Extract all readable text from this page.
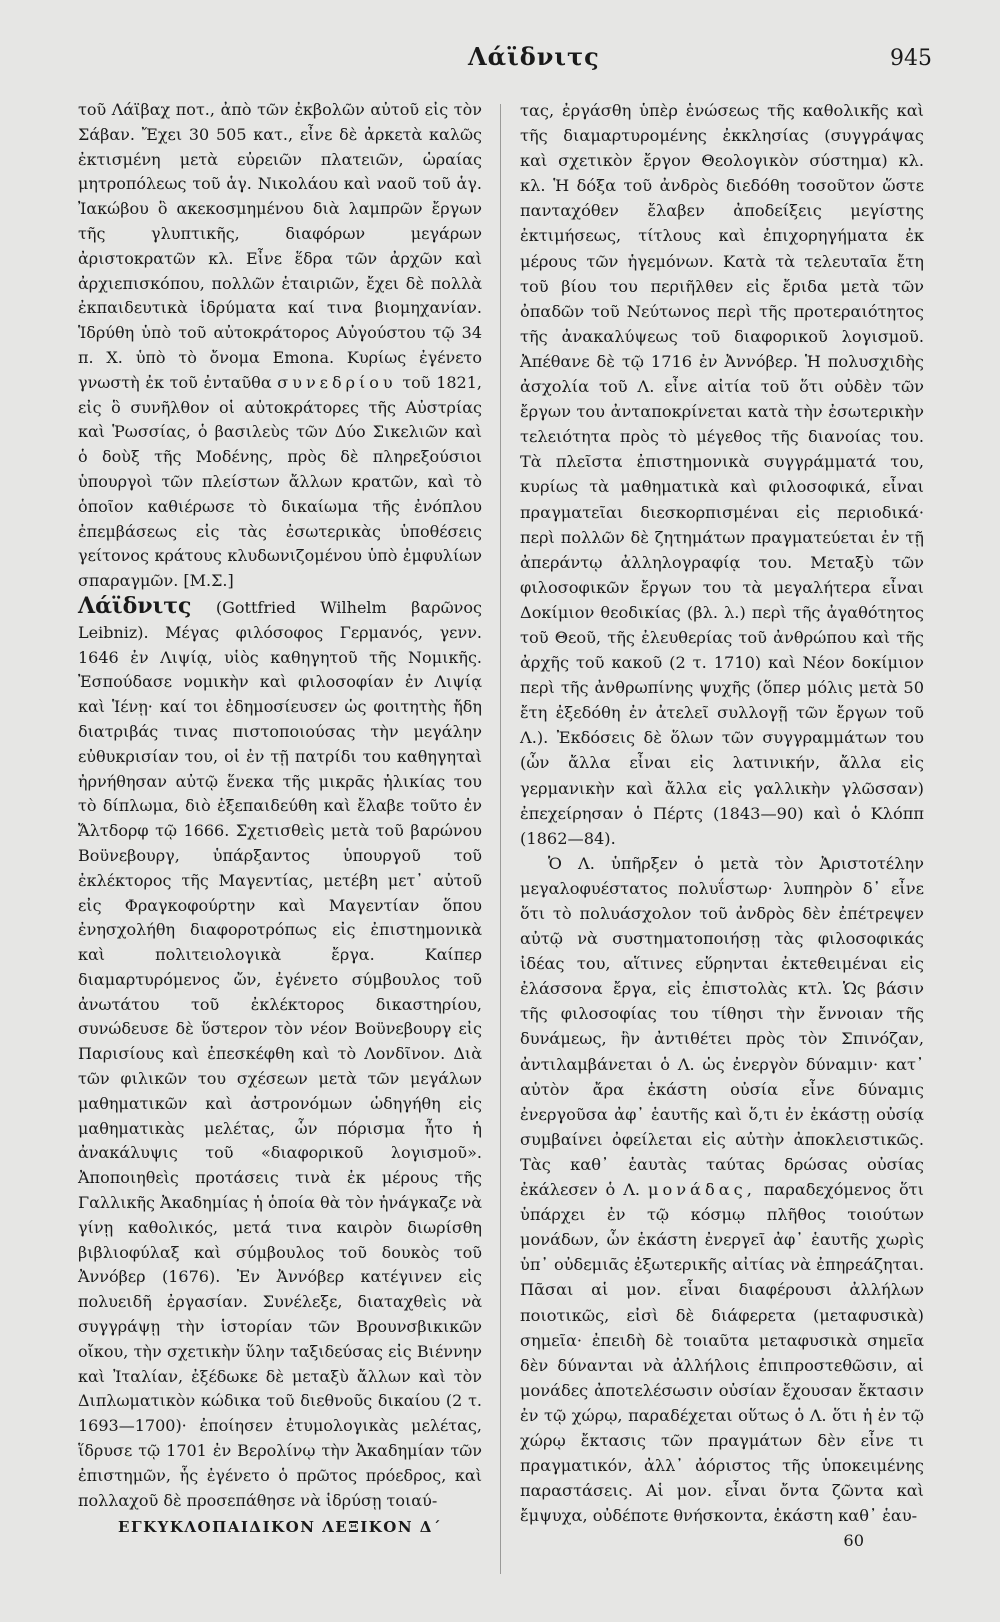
Λάϊδνιτς	945

τοῦ Λάϊβαχ ποτ., ἀπὸ τῶν ἐκβολῶν αὐτοῦ εἰς τὸν Σάβαν. Ἔχει 30 505 κατ., εἶνε δὲ ἀρκετὰ καλῶς ἐκτισμένη μετὰ εὐρειῶν πλατειῶν, ὡραίας μητροπόλεως τοῦ ἁγ. Νικολάου καὶ ναοῦ τοῦ ἁγ. Ἰακώβου ὃ ακεκοσμημένου διὰ λαμπρῶν ἔργων τῆς γλυπτικῆς, διαφόρων μεγάρων ἀριστοκρατῶν κλ. Εἶνε ἕδρα τῶν ἀρχῶν καὶ ἀρχιεπισκόπου, πολλῶν ἑταιριῶν, ἔχει δὲ πολλὰ ἐκπαιδευτικὰ ἱδρύματα καί τινα βιομηχανίαν. Ἱδρύθη ὑπὸ τοῦ αὐτοκράτορος Αὐγούστου τῷ 34 π. Χ. ὑπὸ τὸ ὄνομα Emona. Κυρίως ἐγένετο γνωστὴ ἐκ τοῦ ἐνταῦθα συνεδρίου τοῦ 1821, εἰς ὃ συνῆλθον οἱ αὐτοκράτορες τῆς Αὐστρίας καὶ Ῥωσσίας, ὁ βασιλεὺς τῶν Δύο Σικελιῶν καὶ ὁ δοὺξ τῆς Μοδένης, πρὸς δὲ πληρεξούσιοι ὑπουργοὶ τῶν πλείστων ἄλλων κρατῶν, καὶ τὸ ὁποῖον καθιέρωσε τὸ δικαίωμα τῆς ἐνόπλου ἐπεμβάσεως εἰς τὰς ἐσωτερικὰς ὑποθέσεις γείτονος κράτους κλυδωνιζομένου ὑπὸ ἐμφυλίων σπαραγμῶν. [Μ.Σ.]

Λάϊδνιτς (Gottfried Wilhelm βαρῶνος Leibniz). Μέγας φιλόσοφος Γερμανός, γενν. 1646 ἐν Λιψίᾳ, υἱὸς καθηγητοῦ τῆς Νομικῆς. Ἐσπούδασε νομικὴν καὶ φιλοσοφίαν ἐν Λιψίᾳ καὶ Ἱένῃ· καί τοι ἐδημοσίευσεν ὡς φοιτητὴς ἤδη διατριβάς τινας πιστοποιούσας τὴν μεγάλην εὐθυκρισίαν του, οἱ ἐν τῇ πατρίδι του καθηγηταὶ ἠρνήθησαν αὐτῷ ἕνεκα τῆς μικρᾶς ἡλικίας του τὸ δίπλωμα, διὸ ἐξεπαιδεύθη καὶ ἔλαβε τοῦτο ἐν Ἄλτδορφ τῷ 1666. Σχετισθεὶς μετὰ τοῦ βαρώνου Βοϋνεβουργ, ὑπάρξαντος ὑπουργοῦ τοῦ ἐκλέκτορος τῆς Μαγεντίας, μετέβη μετ᾽ αὐτοῦ εἰς Φραγκοφούρτην καὶ Μαγεντίαν ὅπου ἐνησχολήθη διαφοροτρόπως εἰς ἐπιστημονικὰ καὶ πολιτειολογικὰ ἔργα. Καίπερ διαμαρτυρόμενος ὤν, ἐγένετο σύμβουλος τοῦ ἀνωτάτου τοῦ ἐκλέκτορος δικαστηρίου, συνώδευσε δὲ ὕστερον τὸν νέον Βοϋνεβουργ εἰς Παρισίους καὶ ἐπεσκέφθη καὶ τὸ Λονδῖνον. Διὰ τῶν φιλικῶν του σχέσεων μετὰ τῶν μεγάλων μαθηματικῶν καὶ ἀστρονόμων ὡδηγήθη εἰς μαθηματικὰς μελέτας, ὧν πόρισμα ἦτο ἡ ἀνακάλυψις τοῦ «διαφορικοῦ λογισμοῦ». Ἀποποιηθεὶς προτάσεις τινὰ ἐκ μέρους τῆς Γαλλικῆς Ἀκαδημίας ἡ ὁποία θὰ τὸν ἠνάγκαζε νὰ γίνῃ καθολικός, μετά τινα καιρὸν διωρίσθη βιβλιοφύλαξ καὶ σύμβουλος τοῦ δουκὸς τοῦ Ἀννόβερ (1676). Ἐν Ἀννόβερ κατέγινεν εἰς πολυειδῆ ἐργασίαν. Συνέλεξε, διαταχθεὶς νὰ συγγράψῃ τὴν ἱστορίαν τῶν Βρουνσβικικῶν οἴκου, τὴν σχετικὴν ὕλην ταξιδεύσας εἰς Βιέννην καὶ Ἰταλίαν, ἐξέδωκε δὲ μεταξὺ ἄλλων καὶ τὸν Διπλωματικὸν κώδικα τοῦ διεθνοῦς δικαίου (2 τ. 1693—1700)· ἐποίησεν ἐτυμολογικὰς μελέτας, ἵδρυσε τῷ 1701 ἐν Βερολίνῳ τὴν Ἀκαδημίαν τῶν ἐπιστημῶν, ἧς ἐγένετο ὁ πρῶτος πρόεδρος, καὶ πολλαχοῦ δὲ προσεπάθησε νὰ ἱδρύσῃ τοιαύ-

ΕΓΚΥΚΛΟΠΑΙΔΙΚΟΝ ΛΕΞΙΚΟΝ Δ΄

τας, ἐργάσθη ὑπὲρ ἑνώσεως τῆς καθολικῆς καὶ τῆς διαμαρτυρομένης ἐκκλησίας (συγγράψας καὶ σχετικὸν ἔργον Θεολογικὸν σύστημα) κλ. κλ. Ἡ δόξα τοῦ ἀνδρὸς διεδόθη τοσοῦτον ὥστε πανταχόθεν ἔλαβεν ἀποδείξεις μεγίστης ἐκτιμήσεως, τίτλους καὶ ἐπιχορηγήματα ἐκ μέρους τῶν ἡγεμόνων. Κατὰ τὰ τελευταῖα ἔτη τοῦ βίου του περιῆλθεν εἰς ἔριδα μετὰ τῶν ὀπαδῶν τοῦ Νεύτωνος περὶ τῆς προτεραιότητος τῆς ἀνακαλύψεως τοῦ διαφορικοῦ λογισμοῦ. Ἀπέθανε δὲ τῷ 1716 ἐν Ἀννόβερ. Ἡ πολυσχιδὴς ἀσχολία τοῦ Λ. εἶνε αἰτία τοῦ ὅτι οὐδὲν τῶν ἔργων του ἀνταποκρίνεται κατὰ τὴν ἐσωτερικὴν τελειότητα πρὸς τὸ μέγεθος τῆς διανοίας του. Τὰ πλεῖστα ἐπιστημονικὰ συγγράμματά του, κυρίως τὰ μαθηματικὰ καὶ φιλοσοφικά, εἶναι πραγματεῖαι διεσκορπισμέναι εἰς περιοδικά· περὶ πολλῶν δὲ ζητημάτων πραγματεύεται ἐν τῇ ἀπεράντῳ ἀλληλογραφίᾳ του. Μεταξὺ τῶν φιλοσοφικῶν ἔργων του τὰ μεγαλήτερα εἶναι Δοκίμιον θεοδικίας (βλ. λ.) περὶ τῆς ἀγαθότητος τοῦ Θεοῦ, τῆς ἐλευθερίας τοῦ ἀνθρώπου καὶ τῆς ἀρχῆς τοῦ κακοῦ (2 τ. 1710) καὶ Νέον δοκίμιον περὶ τῆς ἀνθρωπίνης ψυχῆς (ὅπερ μόλις μετὰ 50 ἔτη ἐξεδόθη ἐν ἀτελεῖ συλλογῇ τῶν ἔργων τοῦ Λ.). Ἐκδόσεις δὲ ὅλων τῶν συγγραμμάτων του (ὧν ἄλλα εἶναι εἰς λατινικήν, ἄλλα εἰς γερμανικὴν καὶ ἄλλα εἰς γαλλικὴν γλῶσσαν) ἐπεχείρησαν ὁ Πέρτς (1843—90) καὶ ὁ Κλόππ (1862—84).

Ὁ Λ. ὑπῆρξεν ὁ μετὰ τὸν Ἀριστοτέλην μεγαλοφυέστατος πολυΐστωρ· λυπηρὸν δ᾽ εἶνε ὅτι τὸ πολυάσχολον τοῦ ἀνδρὸς δὲν ἐπέτρεψεν αὐτῷ νὰ συστηματοποιήσῃ τὰς φιλοσοφικάς ἰδέας του, αἵτινες εὕρηνται ἐκτεθειμέναι εἰς ἐλάσσονα ἔργα, εἰς ἐπιστολὰς κτλ. Ὡς βάσιν τῆς φιλοσοφίας του τίθησι τὴν ἔννοιαν τῆς δυνάμεως, ἣν ἀντιθέτει πρὸς τὸν Σπινόζαν, ἀντιλαμβάνεται ὁ Λ. ὡς ἐνεργὸν δύναμιν· κατ᾽ αὐτὸν ἄρα ἑκάστη οὐσία εἶνε δύναμις ἐνεργοῦσα ἀφ᾽ ἑαυτῆς καὶ ὅ,τι ἐν ἑκάστῃ οὐσίᾳ συμβαίνει ὀφείλεται εἰς αὐτὴν ἀποκλειστικῶς. Τὰς καθ᾽ ἑαυτὰς ταύτας δρώσας οὐσίας ἐκάλεσεν ὁ Λ. μονάδας, παραδεχόμενος ὅτι ὑπάρχει ἐν τῷ κόσμῳ πλῆθος τοιούτων μονάδων, ὧν ἑκάστη ἐνεργεῖ ἀφ᾽ ἑαυτῆς χωρὶς ὑπ᾽ οὐδεμιᾶς ἐξωτερικῆς αἰτίας νὰ ἐπηρεάζηται. Πᾶσαι αἱ μον. εἶναι διαφέρουσι ἀλλήλων ποιοτικῶς, εἰσὶ δὲ διάφερετα (μεταφυσικὰ) σημεῖα· ἐπειδὴ δὲ τοιαῦτα μεταφυσικὰ σημεῖα δὲν δύνανται νὰ ἀλλήλοις ἐπιπροστεθῶσιν, αἱ μονάδες ἀποτελέσωσιν οὐσίαν ἔχουσαν ἔκτασιν ἐν τῷ χώρῳ, παραδέχεται οὕτως ὁ Λ. ὅτι ἡ ἐν τῷ χώρῳ ἔκτασις τῶν πραγμάτων δὲν εἶνε τι πραγματικόν, ἀλλ᾽ ἀόριστος τῆς ὑποκειμένης παραστάσεις. Αἱ μον. εἶναι ὄντα ζῶντα καὶ ἔμψυχα, οὐδέποτε θνήσκοντα, ἑκάστη καθ᾽ ἑαυ-

60
